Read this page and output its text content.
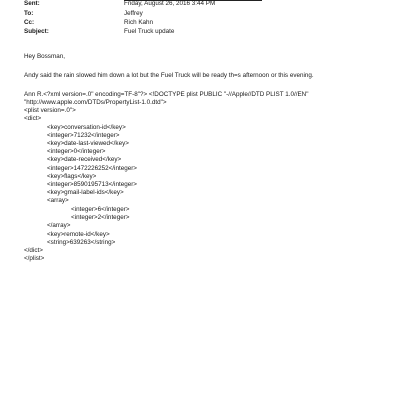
Sent:	Friday, August 26, 2016 3:44 PM
To:	Jeffrey
Cc:	Rich Kahn
Subject:	Fuel Truck update
Hey Bossman,
Andy said the rain slowed him down a lot but the Fuel Truck will be ready th=s afternoon or this evening.
Ann R.<?xml version=.0" encoding=TF-8"?> <!DOCTYPE plist PUBLIC "-//Apple//DTD PLIST 1.0//EN"
"http://www.apple.com/DTDs/PropertyList-1.0.dtd">
<plist version=.0">
<dict>
<key>conversation-id</key>
<integer>71232</integer>
<key>date-last-viewed</key>
<integer>0</integer>
<key>date-received</key>
<integer>1472226252</integer>
<key>flags</key>
<integer>8590195713</integer>
<key>gmail-label-ids</key>
<array>
<integer>6</integer>
<integer>2</integer>
</array>
<key>remote-id</key>
<string>639263</string>
</dict>
</plist>
